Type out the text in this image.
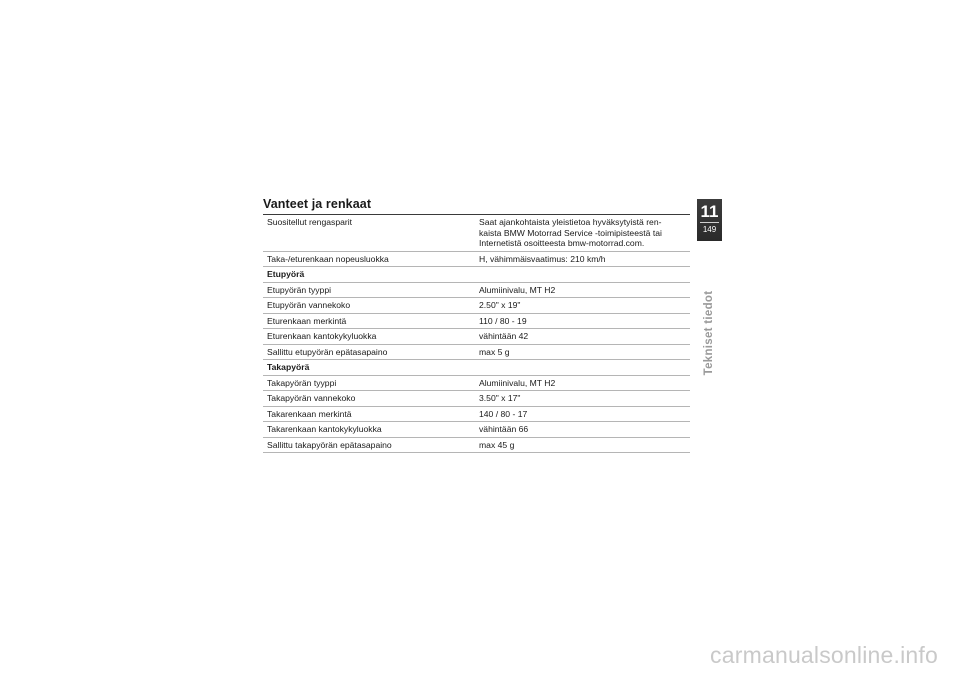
Vanteet ja renkaat
Suositellut rengasparit	Saat ajankohtaista yleistietoa hyväksytyistä ren-
kaista BMW Motorrad Service -toimipisteestä tai
Internetistä osoitteesta bmw-motorrad.com.
Taka-/eturenkaan nopeusluokka	H, vähimmäisvaatimus: 210 km/h
Etupyörä	
Etupyörän tyyppi	Alumiinivalu, MT H2
Etupyörän vannekoko	2.50" x 19"
Eturenkaan merkintä	110 / 80 - 19
Eturenkaan kantokykyluokka	vähintään 42
Sallittu etupyörän epätasapaino	max 5 g
Takapyörä	
Takapyörän tyyppi	Alumiinivalu, MT H2
Takapyörän vannekoko	3.50" x 17"
Takarenkaan merkintä	140 / 80 - 17
Takarenkaan kantokykyluokka	vähintään 66
Sallittu takapyörän epätasapaino	max 45 g
11
149
Tekniset tiedot
carmanualsonline.info
